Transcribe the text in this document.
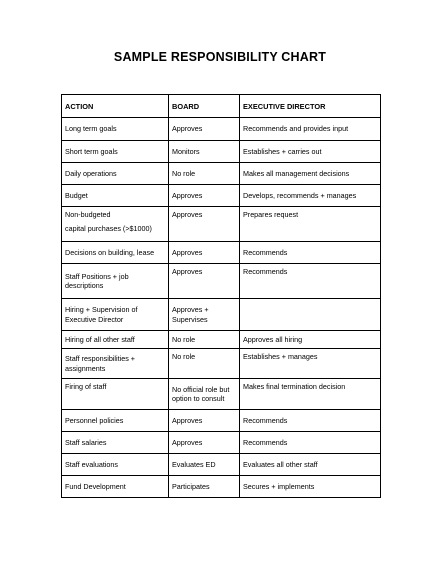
SAMPLE RESPONSIBILITY CHART
ACTION	BOARD	EXECUTIVE DIRECTOR
Long term goals	Approves	Recommends and provides input
Short term goals	Monitors	Establishes + carries out
Daily operations	No role	Makes all management decisions
Budget	Approves	Develops, recommends + manages
Non-budgeted
capital purchases (>$1000)	Approves	Prepares request
Decisions on building, lease	Approves	Recommends
Staff Positions + job descriptions	Approves	Recommends
Hiring + Supervision of Executive Director	Approves + Supervises	
Hiring of all other staff	No role	Approves all hiring
Staff responsibilities + assignments	No role	Establishes + manages
Firing of staff	No official role but option to consult	Makes final termination decision
Personnel policies	Approves	Recommends
Staff salaries	Approves	Recommends
Staff evaluations	Evaluates ED	Evaluates all other staff
Fund Development	Participates	Secures + implements
